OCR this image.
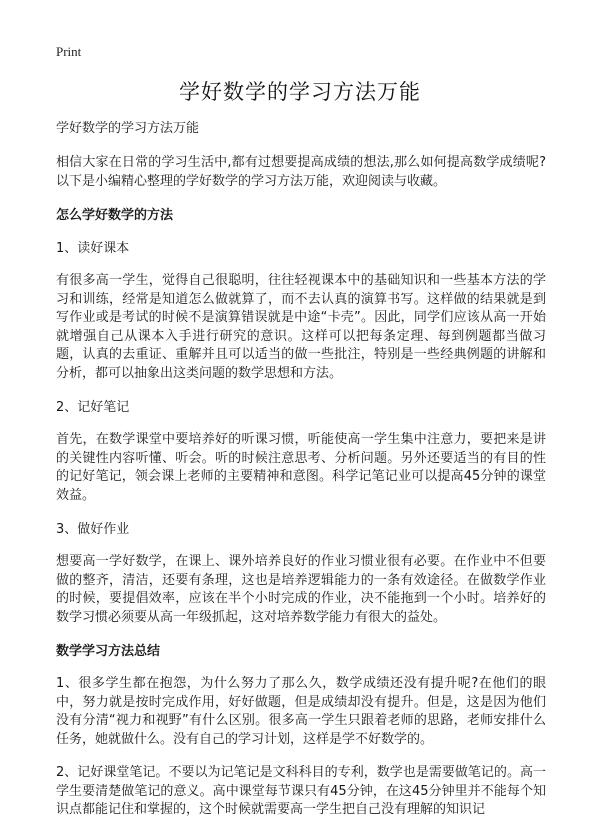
Print
学好数学的学习方法万能
学好数学的学习方法万能

相信大家在日常的学习生活中,都有过想要提高成绩的想法,那么如何提高数学成绩呢?以下是小编精心整理的学好数学的学习方法万能，欢迎阅读与收藏。

怎么学好数学的方法
1、读好课本

有很多高一学生，觉得自己很聪明，往往轻视课本中的基础知识和一些基本方法的学习和训练，经常是知道怎么做就算了，而不去认真的演算书写。这样做的结果就是到写作业或是考试的时候不是演算错误就是中途“卡壳”。因此，同学们应该从高一开始就增强自己从课本入手进行研究的意识。这样可以把每条定理、每到例题都当做习题，认真的去重证、重解并且可以适当的做一些批注，特别是一些经典例题的讲解和分析，都可以抽象出这类问题的数学思想和方法。

2、记好笔记

首先，在数学课堂中要培养好的听课习惯，听能使高一学生集中注意力，要把来是讲的关键性内容听懂、听会。听的时候注意思考、分析问题。另外还要适当的有目的性的记好笔记，领会课上老师的主要精神和意图。科学记笔记业可以提高45分钟的课堂效益。

3、做好作业

想要高一学好数学，在课上、课外培养良好的作业习惯业很有必要。在作业中不但要做的整齐，清洁，还要有条理，这也是培养逻辑能力的一条有效途径。在做数学作业的时候，要提倡效率，应该在半个小时完成的作业，决不能拖到一个小时。培养好的数学习惯必须要从高一年级抓起，这对培养数学能力有很大的益处。

数学学习方法总结

1、很多学生都在抱怨，为什么努力了那么久，数学成绩还没有提升呢?在他们的眼中，努力就是按时完成作用，好好做题，但是成绩却没有提升。但是，这是因为他们没有分清“视力和视野”有什么区别。很多高一学生只跟着老师的思路，老师安排什么任务，她就做什么。没有自己的学习计划，这样是学不好数学的。

2、记好课堂笔记。不要以为记笔记是文科科目的专利，数学也是需要做笔记的。高一学生要清楚做笔记的意义。高中课堂每节课只有45分钟，在这45分钟里并不能每个知识点都能记住和掌握的，这个时候就需要高一学生把自己没有理解的知识记
